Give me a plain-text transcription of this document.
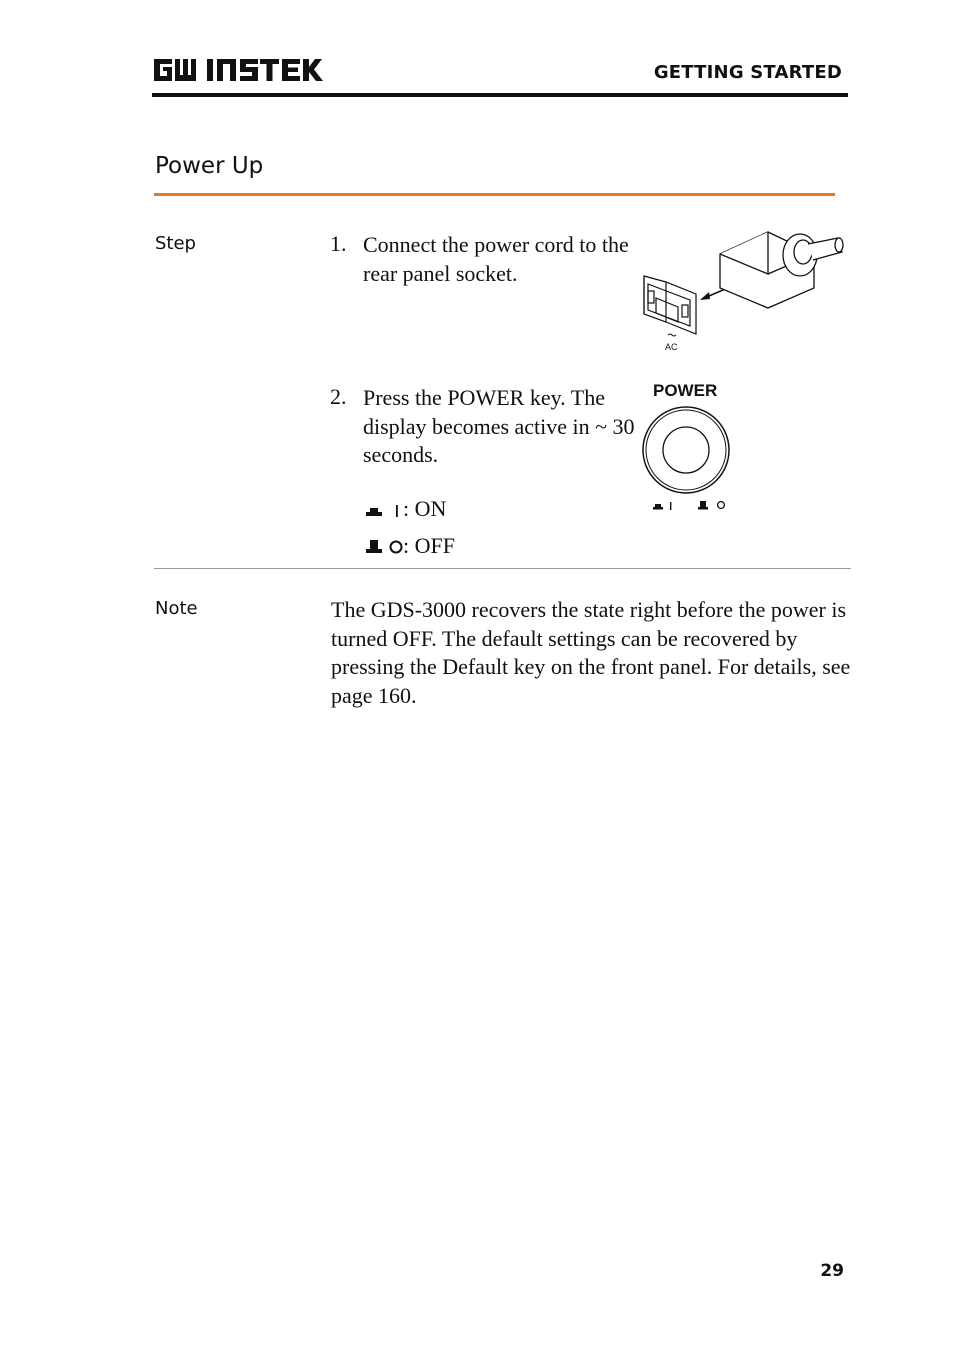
GETTING STARTED
Power Up
Step	1. Connect the power cord to the rear panel socket.
2. Press the POWER key. The display becomes active in ~ 30 seconds.
: ON
: OFF
AC
POWER
Note	The GDS-3000 recovers the state right before the power is turned OFF. The default settings can be recovered by pressing the Default key on the front panel. For details, see page 160.
29
